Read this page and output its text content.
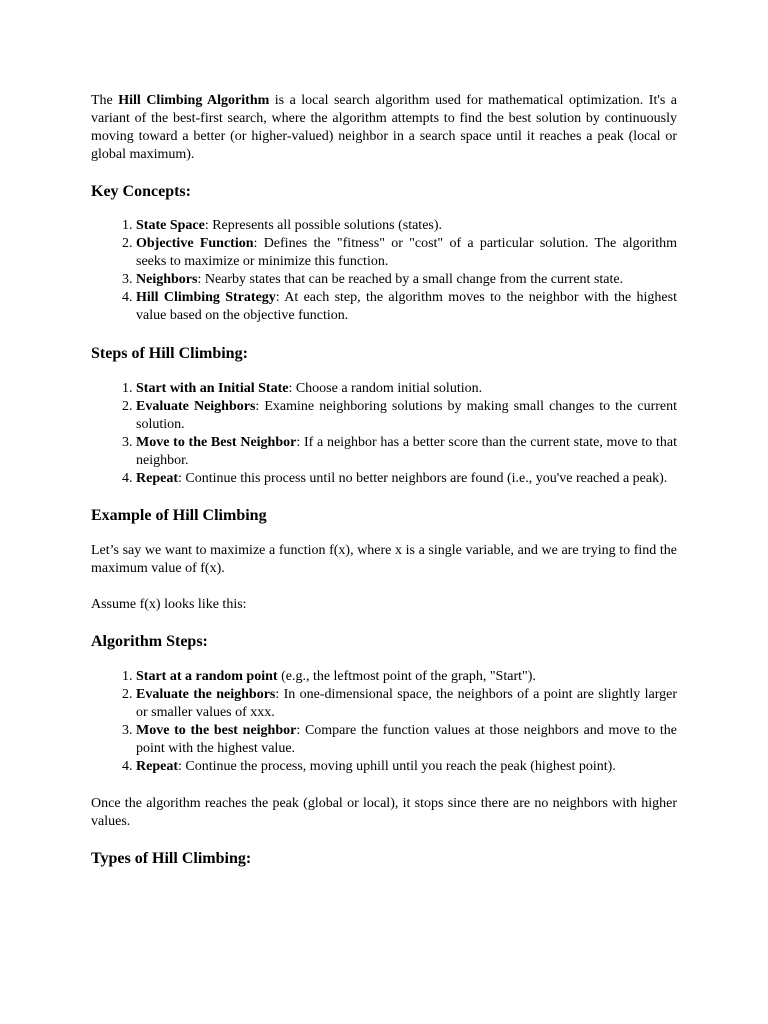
The Hill Climbing Algorithm is a local search algorithm used for mathematical optimization. It's a variant of the best-first search, where the algorithm attempts to find the best solution by continuously moving toward a better (or higher-valued) neighbor in a search space until it reaches a peak (local or global maximum).

Key Concepts:
1. State Space: Represents all possible solutions (states).
2. Objective Function: Defines the "fitness" or "cost" of a particular solution. The algorithm seeks to maximize or minimize this function.
3. Neighbors: Nearby states that can be reached by a small change from the current state.
4. Hill Climbing Strategy: At each step, the algorithm moves to the neighbor with the highest value based on the objective function.
Steps of Hill Climbing:
1. Start with an Initial State: Choose a random initial solution.
2. Evaluate Neighbors: Examine neighboring solutions by making small changes to the current solution.
3. Move to the Best Neighbor: If a neighbor has a better score than the current state, move to that neighbor.
4. Repeat: Continue this process until no better neighbors are found (i.e., you've reached a peak).
Example of Hill Climbing

Let’s say we want to maximize a function f(x), where x is a single variable, and we are trying to find the maximum value of f(x).

Assume f(x) looks like this:

Algorithm Steps:
1. Start at a random point (e.g., the leftmost point of the graph, "Start").
2. Evaluate the neighbors: In one-dimensional space, the neighbors of a point are slightly larger or smaller values of xxx.
3. Move to the best neighbor: Compare the function values at those neighbors and move to the point with the highest value.
4. Repeat: Continue the process, moving uphill until you reach the peak (highest point).

Once the algorithm reaches the peak (global or local), it stops since there are no neighbors with higher values.

Types of Hill Climbing:
